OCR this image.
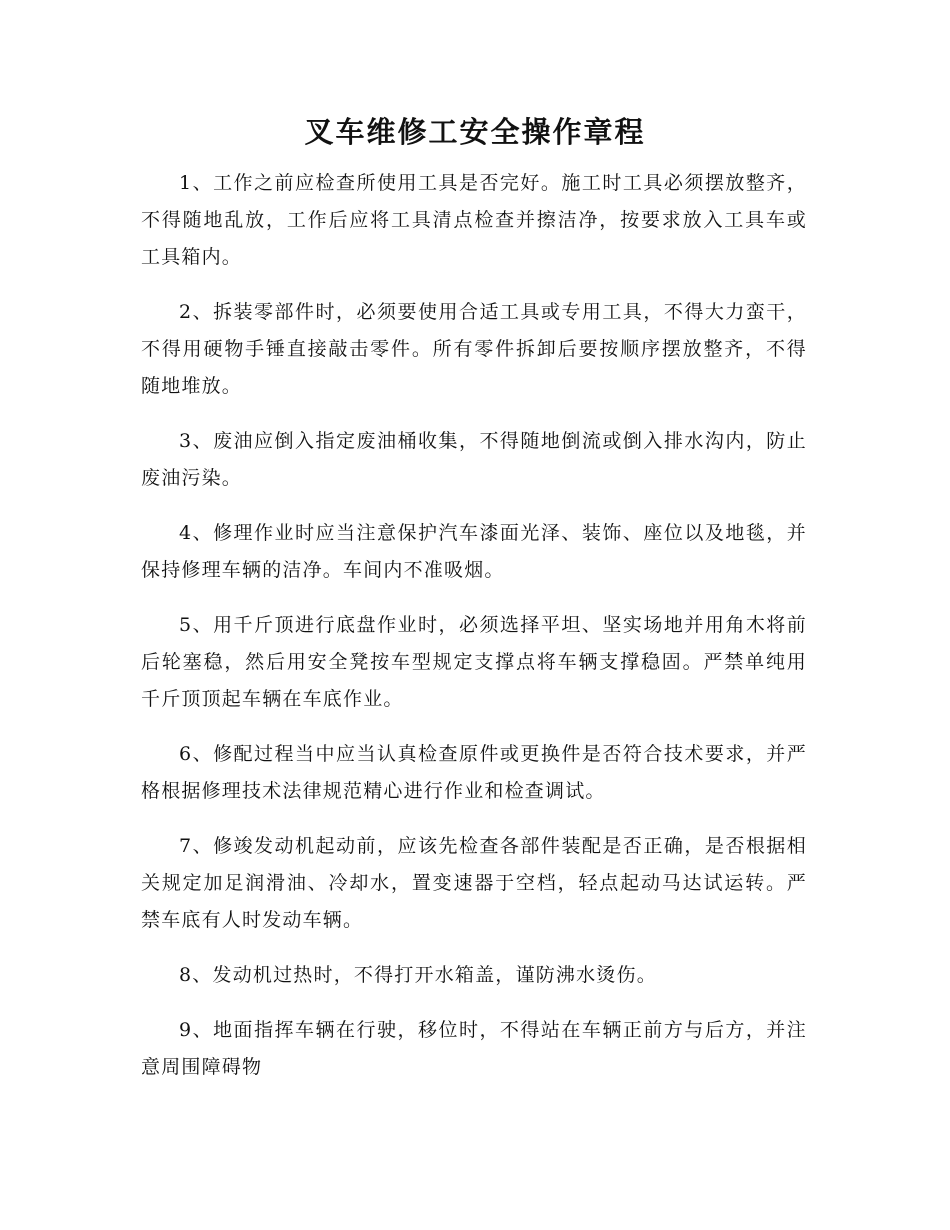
叉车维修工安全操作章程

1、工作之前应检查所使用工具是否完好。施工时工具必须摆放整齐，不得随地乱放，工作后应将工具清点检查并擦洁净，按要求放入工具车或工具箱内。

2、拆装零部件时，必须要使用合适工具或专用工具，不得大力蛮干，不得用硬物手锤直接敲击零件。所有零件拆卸后要按顺序摆放整齐，不得随地堆放。

3、废油应倒入指定废油桶收集，不得随地倒流或倒入排水沟内，防止废油污染。

4、修理作业时应当注意保护汽车漆面光泽、装饰、座位以及地毯，并保持修理车辆的洁净。车间内不准吸烟。

5、用千斤顶进行底盘作业时，必须选择平坦、坚实场地并用角木将前后轮塞稳，然后用安全凳按车型规定支撑点将车辆支撑稳固。严禁单纯用千斤顶顶起车辆在车底作业。

6、修配过程当中应当认真检查原件或更换件是否符合技术要求，并严格根据修理技术法律规范精心进行作业和检查调试。

7、修竣发动机起动前，应该先检查各部件装配是否正确，是否根据相关规定加足润滑油、冷却水，置变速器于空档，轻点起动马达试运转。严禁车底有人时发动车辆。

8、发动机过热时，不得打开水箱盖，谨防沸水烫伤。

9、地面指挥车辆在行驶，移位时，不得站在车辆正前方与后方，并注意周围障碍物
